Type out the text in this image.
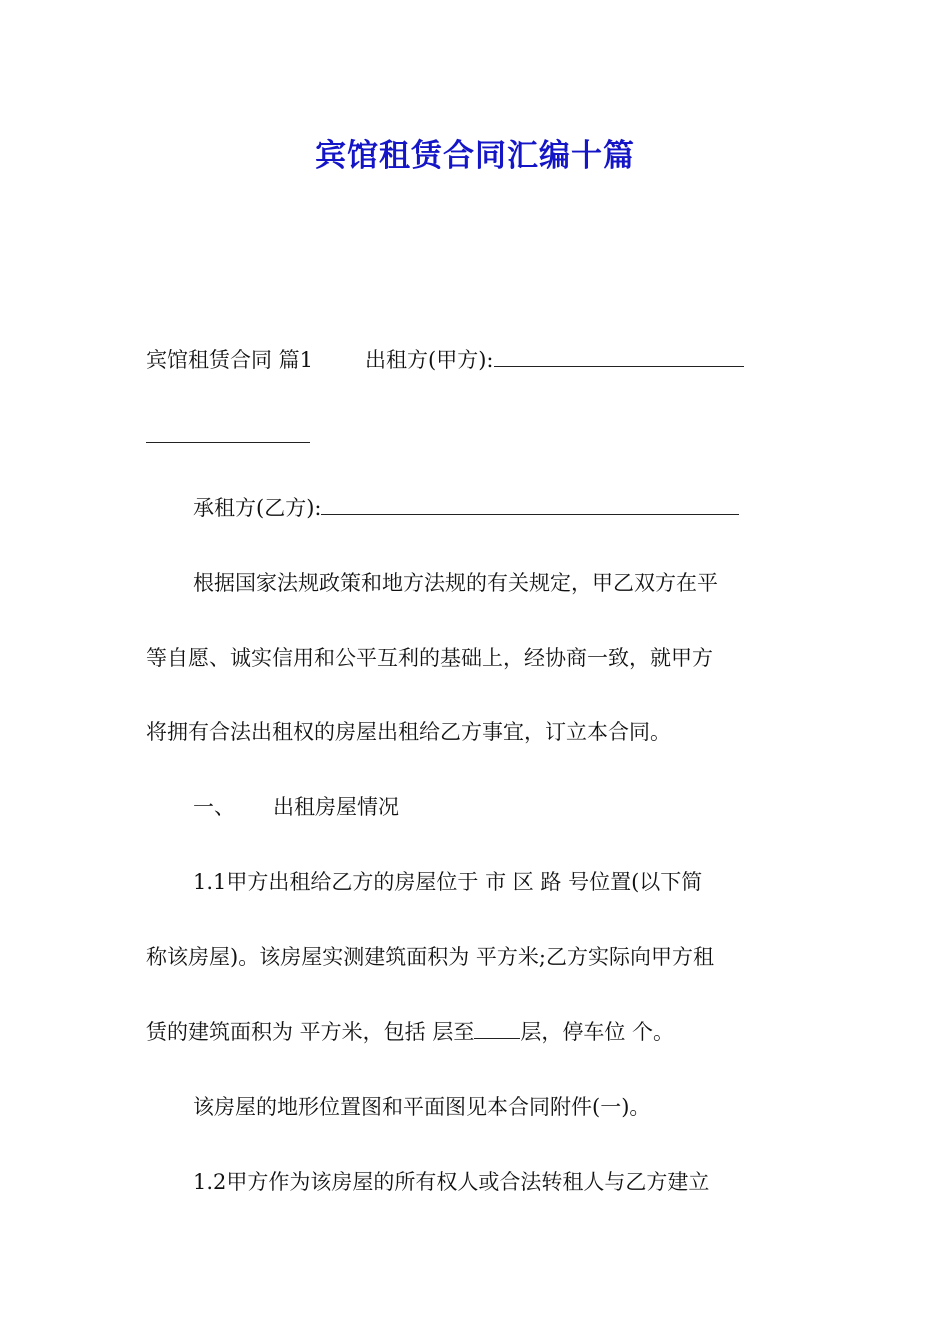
宾馆租赁合同汇编十篇
宾馆租赁合同 篇1 出租方(甲方):
承租方(乙方):
根据国家法规政策和地方法规的有关规定，甲乙双方在平
等自愿、诚实信用和公平互利的基础上，经协商一致，就甲方
将拥有合法出租权的房屋出租给乙方事宜，订立本合同。
一、 出租房屋情况
1.1甲方出租给乙方的房屋位于 市 区 路 号位置(以下简
称该房屋)。该房屋实测建筑面积为 平方米;乙方实际向甲方租
赁的建筑面积为 平方米，包括 层至 层，停车位 个。
该房屋的地形位置图和平面图见本合同附件(一)。
1.2甲方作为该房屋的所有权人或合法转租人与乙方建立
